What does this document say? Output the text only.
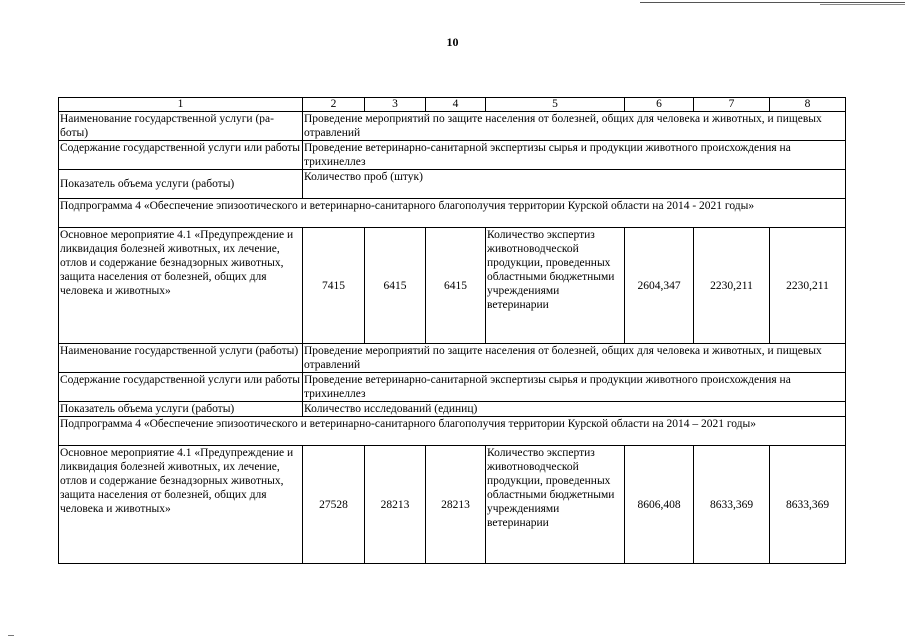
10
1	2	3	4	5	6	7	8
Наименование государственной услуги (ра-боты)	Проведение мероприятий по защите населения от болезней, общих для человека и животных, и пищевых отравлений						
Содержание государственной услуги или работы	Проведение ветеринарно-санитарной экспертизы сырья и продукции животного происхождения на трихинеллез						
Показатель объема услуги (работы)	Количество проб (штук)						
Подпрограмма 4 «Обеспечение эпизоотического и ветеринарно-санитарного благополучия территории Курской области на 2014 - 2021 годы»							
Основное мероприятие 4.1 «Предупреждение и ликвидация болезней животных, их лечение, отлов и содержание безнадзорных животных, защита населения от болезней, общих для человека и животных»	7415	6415	6415	Количество экспертиз животноводческой продукции, проведенных областными бюджетными учреждениями ветеринарии	2604,347	2230,211	2230,211
Наименование государственной услуги (работы)	Проведение мероприятий по защите населения от болезней, общих для человека и животных, и пищевых отравлений						
Содержание государственной услуги или работы	Проведение ветеринарно-санитарной экспертизы сырья и продукции животного происхождения на трихинеллез						
Показатель объема услуги (работы)	Количество исследований (единиц)						
Подпрограмма 4 «Обеспечение эпизоотического и ветеринарно-санитарного благополучия территории Курской области на 2014 – 2021 годы»							
Основное мероприятие 4.1 «Предупреждение и ликвидация болезней животных, их лечение, отлов и содержание безнадзорных животных, защита населения от болезней, общих для человека и животных»	27528	28213	28213	Количество экспертиз животноводческой продукции, проведенных областными бюджетными учреждениями ветеринарии	8606,408	8633,369	8633,369
